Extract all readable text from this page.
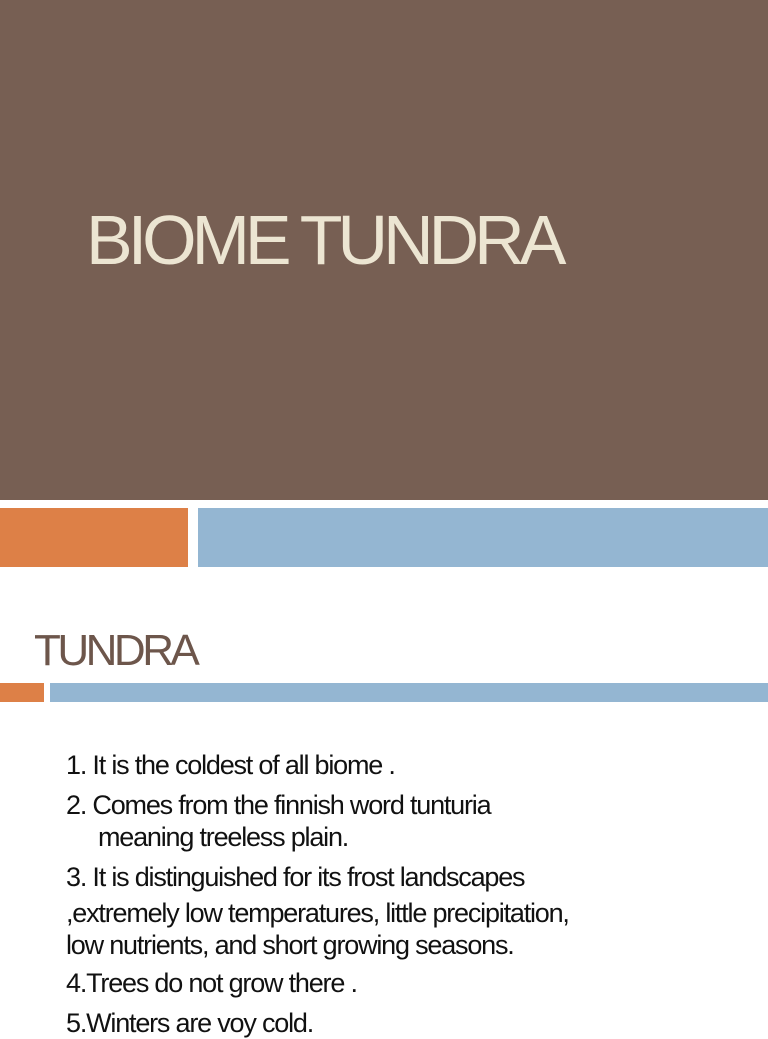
BIOME TUNDRA
TUNDRA
1. It is the coldest of all biome .
2. Comes from the finnish word tunturia
meaning treeless plain.
3. It is distinguished for its frost landscapes
,extremely low temperatures, little precipitation,
low nutrients, and short growing seasons.
4.Trees do not grow there .
5.Winters are voy cold.
